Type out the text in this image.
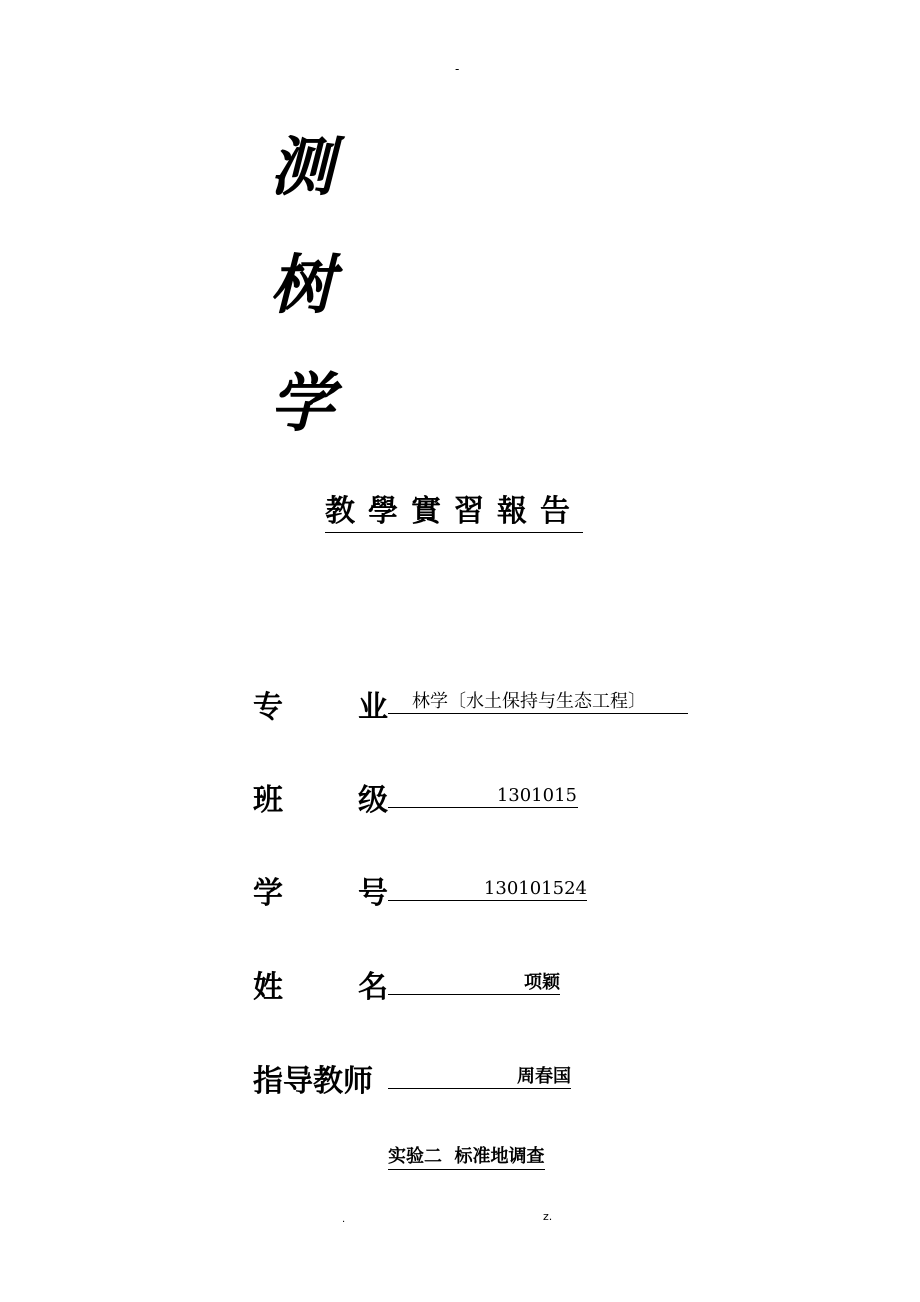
-
测
树
学
教學實習報告
专	业	林学〔水土保持与生态工程〕
班	级	1301015
学	号	130101524
姓	名	项颖
指导教师	周春国
实验二  标准地调查
.	z.
